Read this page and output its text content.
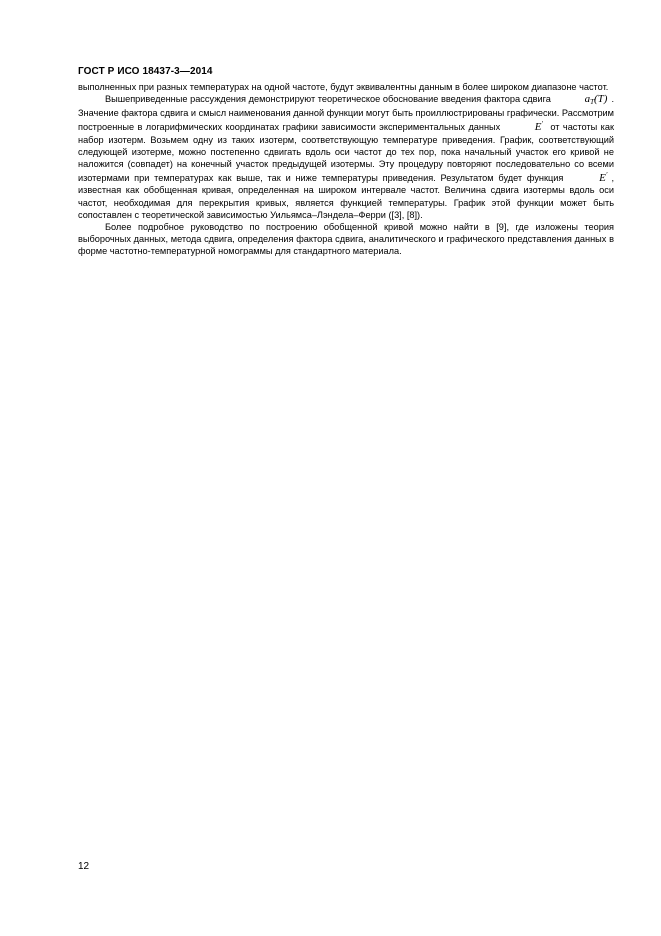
ГОСТ Р ИСО 18437-3—2014

выполненных при разных температурах на одной частоте, будут эквивалентны данным в более широком диапазоне частот.

Вышеприведенные рассуждения демонстрируют теоретическое обоснование введения фактора сдвига	$a_T(T)$ . Значение фактора сдвига и смысл наименования данной функции могут быть проиллюстрированы графически. Рассмотрим построенные в логарифмических координатах графики зависимости экспериментальных данных	E′ от частоты как набор изотерм. Возьмем одну из таких изотерм, соответствующую температуре приведения. График, соответствующий следующей изотерме, можно постепенно сдвигать вдоль оси частот до тех пор, пока начальный участок его кривой не наложится (совпадет) на конечный участок предыдущей изотермы. Эту процедуру повторяют последовательно со всеми изотермами при температурах как выше, так и ниже температуры приведения. Результатом будет функция	E′ , известная как обобщенная кривая, определенная на широком интервале частот. Величина сдвига изотермы вдоль оси частот, необходимая для перекрытия кривых, является функцией температуры. График этой функции может быть сопоставлен с теоретической зависимостью Уильямса–Лэндела–Ферри ([3], [8]).

Более подробное руководство по построению обобщенной кривой можно найти в [9], где изложены теория выборочных данных, метода сдвига, определения фактора сдвига, аналитического и графического представления данных в форме частотно-температурной номограммы для стандартного материала.

12
